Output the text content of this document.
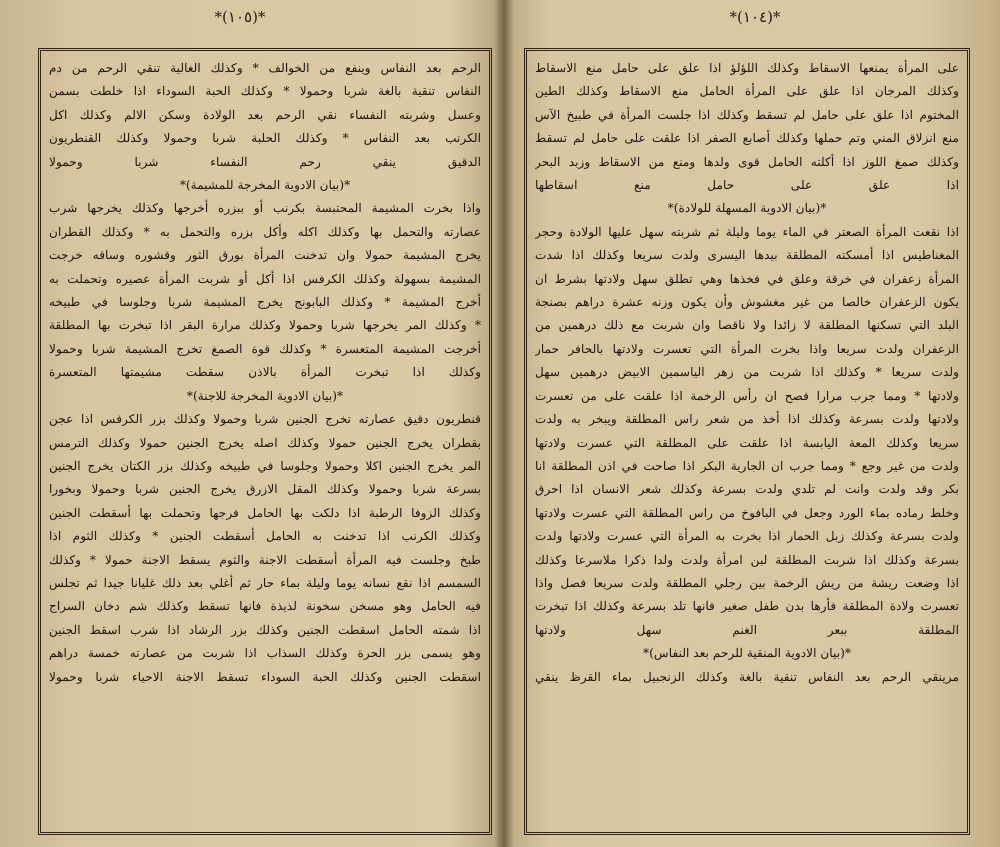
*(١٠٥)*
الرحم بعد النفاس وينفع من الخوالف * وكذلك الغالية تنقي الرحم من دم
النفاس تنقية بالغة شربا وحمولا * وكذلك الحبة السوداء اذا خلطت بسمن
وعسل وشربته النفساء نقي الرحم بعد الولادة وسكن الالم وكذلك اكل
الكرنب بعد النفاس * وكذلك الحلبة شربا وحمولا وكذلك القنطريون
الدقيق ينقي رحم النفساء شربا وحمولا
*(بيان الادوية المخرجة للمشيمة)*
واذا بخرت المشيمة المحتبسة بكرنب أو ببزره أخرجها وكذلك يخرجها شرب
عصارته والتحمل بها وكذلك اكله وأكل بزره والتحمل به * وكذلك القطران
يخرج المشيمة حمولا وان تدخنت المرأة بورق الثور وقشوره وساقه خرجت
المشيمة بسهولة وكذلك الكرفس اذا أكل أو شربت المرأة عصيره وتحملت به
أخرج المشيمة * وكذلك البابونج يخرج المشيمة شربا وجلوسا في طبيخه
* وكذلك المر يخرجها شربا وحمولا وكذلك مرارة البقر اذا تبخرت بها المطلقة
أخرجت المشيمة المتعسرة * وكذلك قوة الصمغ تخرج المشيمة شربا وحمولا
وكذلك اذا تبخرت المرأة بالاذن سقطت مشيمتها المتعسرة
*(بيان الادوية المخرجة للاجنة)*
قنطريون دقيق عصارته تخرج الجنين شربا وحمولا وكذلك بزر الكرفس اذا عجن
بقطران يخرج الجنين حمولا وكذلك اصله يخرج الجنين حمولا وكذلك الترمس
المر يخرج الجنين اكلا وحمولا وجلوسا في طبيخه وكذلك بزر الكتان يخرج الجنين
بسرعة شربا وحمولا وكذلك المقل الازرق يخرج الجنين شربا وحمولا وبخورا
وكذلك الزوفا الرطبة اذا دلكت بها الحامل فرجها وتحملت بها أسقطت الجنين
وكذلك الكرنب اذا تدخنت به الحامل أسقطت الجنين * وكذلك الثوم اذا
طبخ وجلست فيه المرأة أسقطت الاجنة والثوم يسقط الاجنة حمولا * وكذلك
السمسم اذا نقع نسانه يوما وليلة بماء حار ثم أغلي بعد ذلك غليانا جيدا ثم تجلس
فيه الحامل وهو مسخن سخونة لذيذة فانها تسقط وكذلك شم دخان السراج
اذا شمته الحامل اسقطت الجنين وكذلك بزر الرشاد اذا شرب اسقط الجنين
وهو يسمى بزر الحرة وكذلك السذاب اذا شربت من عصارته خمسة دراهم
اسقطت الجنين وكذلك الحبة السوداء تسقط الاجنة الاحياء شربا وحمولا
*(١٠٤)*
على المرأة يمنعها الاسقاط وكذلك اللؤلؤ اذا علق على حامل منع الاسقاط
وكذلك المرجان اذا علق على المرأة الحامل منع الاسقاط وكذلك الطين
المختوم اذا علق على حامل لم تسقط وكذلك اذا جلست المرأة في طبيخ الآس
منع انزلاق المني وتم حملها وكذلك أصابع الصفر اذا علقت على حامل لم تسقط
وكذلك صمغ اللوز اذا أكلته الحامل قوى ولدها ومنع من الاسقاط وزبد البحر
اذا علق على حامل منع اسقاطها
*(بيان الادوية المسهلة للولادة)*
اذا نقعت المرأة الصعتر في الماء يوما وليلة ثم شربته سهل عليها الولادة وحجر
المغناطيس اذا أمسكته المطلقة بيدها اليسرى ولدت سريعا وكذلك اذا شدت
المرأة زعفران في خرقة وعلق في فخذها وهي تطلق سهل ولادتها بشرط ان
يكون الزعفران خالصا من غير مغشوش وأن يكون وزنه عشرة دراهم بصنجة
البلد التي تسكنها المطلقة لا زائدا ولا ناقصا وان شربت مع ذلك درهمين من
الزعفران ولدت سريعا واذا بخرت المرأة التي تعسرت ولادتها بالحافر حمار
ولدت سريعا * وكذلك اذا شربت من زهر الياسمين الابيض درهمين سهل
ولادتها * ومما جرب مرارا فصح ان رأس الرخمة اذا علقت على من تعسرت
ولادتها ولدت بسرعة وكذلك اذا أخذ من شعر راس المطلقة ويبخر به ولدت
سريعا وكذلك المعة اليابسة اذا علقت على المطلقة التي عسرت ولادتها
ولدت من غير وجع * ومما جرب ان الجارية البكر اذا صاحت في اذن المطلقة انا
بكر وقد ولدت وانت لم تلدي ولدت بسرعة وكذلك شعر الانسان اذا احرق
وخلط رماده بماء الورد وجعل في البافوخ من راس المطلقة التي عسرت ولادتها
ولدت بسرعة وكذلك زبل الحمار اذا بخرت به المرأة التي عسرت ولادتها ولدت
بسرعة وكذلك اذا شربت المطلقة لبن امرأة ولدت ولدا ذكرا ملاسرعا وكذلك
اذا وضعت ريشة من ريش الرخمة بين رجلي المطلقة ولدت سريعا فصل واذا
تعسرت ولادة المطلقة فأرها بدن طفل صغير فانها تلد بسرعة وكذلك اذا تبخرت
المطلقة ببعر الغنم سهل ولادتها
*(بيان الادوية المنقية للرحم بعد النفاس)*
مرينقي الرحم بعد النفاس تنقية بالغة وكذلك الزنجبيل بماء القرظ ينقي
